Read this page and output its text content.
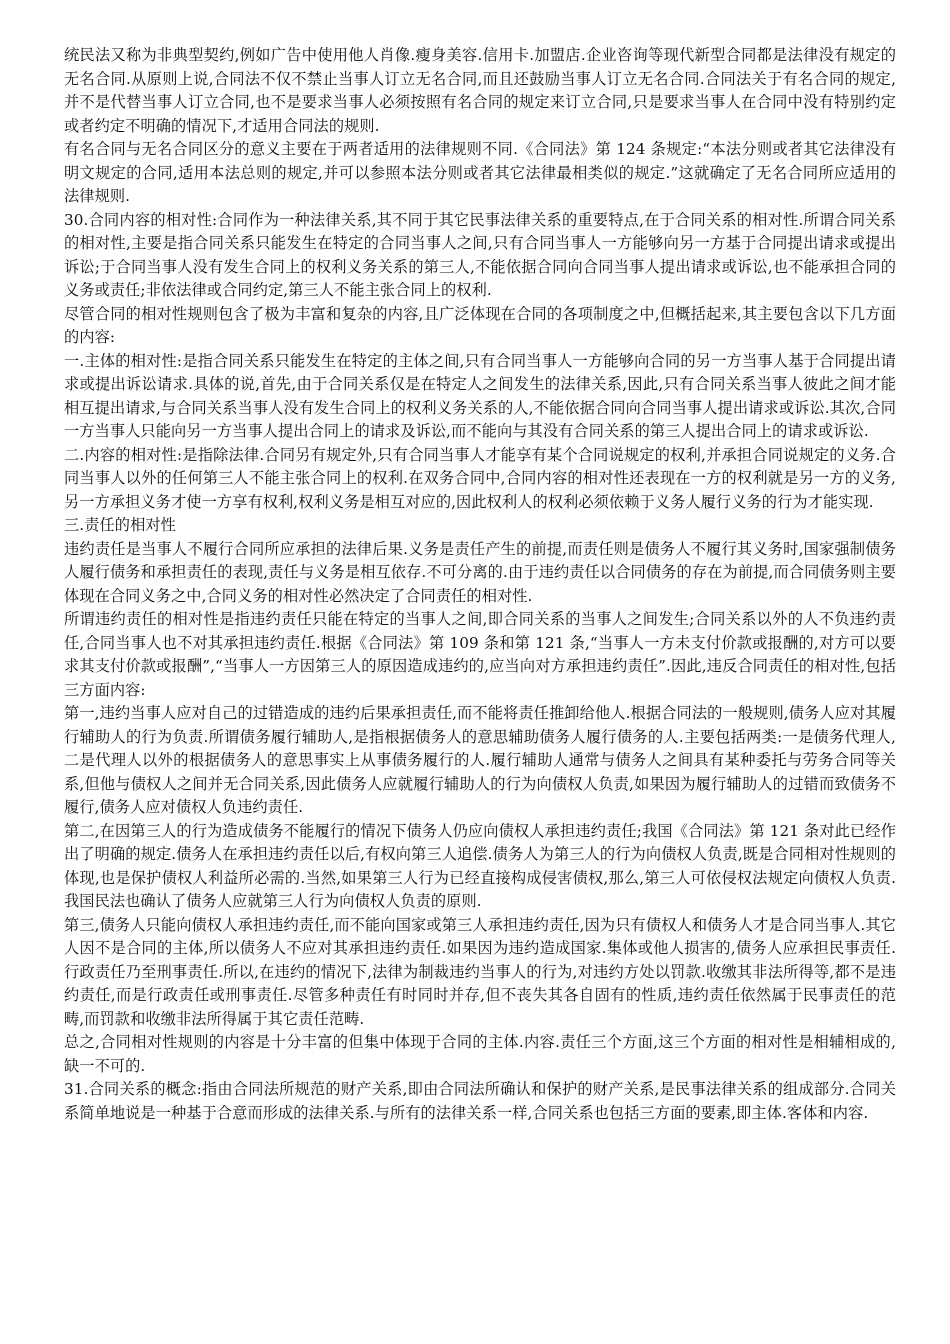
统民法又称为非典型契约,例如广告中使用他人肖像.瘦身美容.信用卡.加盟店.企业咨询等现代新型合同都是法律没有规定的无名合同.从原则上说,合同法不仅不禁止当事人订立无名合同,而且还鼓励当事人订立无名合同.合同法关于有名合同的规定,并不是代替当事人订立合同,也不是要求当事人必须按照有名合同的规定来订立合同,只是要求当事人在合同中没有特别约定或者约定不明确的情况下,才适用合同法的规则.

有名合同与无名合同区分的意义主要在于两者适用的法律规则不同.《合同法》第 124 条规定:“本法分则或者其它法律没有明文规定的合同,适用本法总则的规定,并可以参照本法分则或者其它法律最相类似的规定.”这就确定了无名合同所应适用的法律规则.

30.合同内容的相对性:合同作为一种法律关系,其不同于其它民事法律关系的重要特点,在于合同关系的相对性.所谓合同关系的相对性,主要是指合同关系只能发生在特定的合同当事人之间,只有合同当事人一方能够向另一方基于合同提出请求或提出诉讼;于合同当事人没有发生合同上的权利义务关系的第三人,不能依据合同向合同当事人提出请求或诉讼,也不能承担合同的义务或责任;非依法律或合同约定,第三人不能主张合同上的权利.

尽管合同的相对性规则包含了极为丰富和复杂的内容,且广泛体现在合同的各项制度之中,但概括起来,其主要包含以下几方面的内容:

一.主体的相对性:是指合同关系只能发生在特定的主体之间,只有合同当事人一方能够向合同的另一方当事人基于合同提出请求或提出诉讼请求.具体的说,首先,由于合同关系仅是在特定人之间发生的法律关系,因此,只有合同关系当事人彼此之间才能相互提出请求,与合同关系当事人没有发生合同上的权利义务关系的人,不能依据合同向合同当事人提出请求或诉讼.其次,合同一方当事人只能向另一方当事人提出合同上的请求及诉讼,而不能向与其没有合同关系的第三人提出合同上的请求或诉讼.

二.内容的相对性:是指除法律.合同另有规定外,只有合同当事人才能享有某个合同说规定的权利,并承担合同说规定的义务.合同当事人以外的任何第三人不能主张合同上的权利.在双务合同中,合同内容的相对性还表现在一方的权利就是另一方的义务,另一方承担义务才使一方享有权利,权利义务是相互对应的,因此权利人的权利必须依赖于义务人履行义务的行为才能实现.

三.责任的相对性

违约责任是当事人不履行合同所应承担的法律后果.义务是责任产生的前提,而责任则是债务人不履行其义务时,国家强制债务人履行债务和承担责任的表现,责任与义务是相互依存.不可分离的.由于违约责任以合同债务的存在为前提,而合同债务则主要体现在合同义务之中,合同义务的相对性必然决定了合同责任的相对性.

所谓违约责任的相对性是指违约责任只能在特定的当事人之间,即合同关系的当事人之间发生;合同关系以外的人不负违约责任,合同当事人也不对其承担违约责任.根据《合同法》第 109 条和第 121 条,“当事人一方未支付价款或报酬的,对方可以要求其支付价款或报酬”,“当事人一方因第三人的原因造成违约的,应当向对方承担违约责任”.因此,违反合同责任的相对性,包括三方面内容:

第一,违约当事人应对自己的过错造成的违约后果承担责任,而不能将责任推卸给他人.根据合同法的一般规则,债务人应对其履行辅助人的行为负责.所谓债务履行辅助人,是指根据债务人的意思辅助债务人履行债务的人.主要包括两类:一是债务代理人,二是代理人以外的根据债务人的意思事实上从事债务履行的人.履行辅助人通常与债务人之间具有某种委托与劳务合同等关系,但他与债权人之间并无合同关系,因此债务人应就履行辅助人的行为向债权人负责,如果因为履行辅助人的过错而致债务不履行,债务人应对债权人负违约责任.

第二,在因第三人的行为造成债务不能履行的情况下债务人仍应向债权人承担违约责任;我国《合同法》第 121 条对此已经作出了明确的规定.债务人在承担违约责任以后,有权向第三人追偿.债务人为第三人的行为向债权人负责,既是合同相对性规则的体现,也是保护债权人利益所必需的.当然,如果第三人行为已经直接构成侵害债权,那么,第三人可依侵权法规定向债权人负责.我国民法也确认了债务人应就第三人行为向债权人负责的原则.

第三,债务人只能向债权人承担违约责任,而不能向国家或第三人承担违约责任,因为只有债权人和债务人才是合同当事人.其它人因不是合同的主体,所以债务人不应对其承担违约责任.如果因为违约造成国家.集体或他人损害的,债务人应承担民事责任.行政责任乃至刑事责任.所以,在违约的情况下,法律为制裁违约当事人的行为,对违约方处以罚款.收缴其非法所得等,都不是违约责任,而是行政责任或刑事责任.尽管多种责任有时同时并存,但不丧失其各自固有的性质,违约责任依然属于民事责任的范畴,而罚款和收缴非法所得属于其它责任范畴.

总之,合同相对性规则的内容是十分丰富的但集中体现于合同的主体.内容.责任三个方面,这三个方面的相对性是相辅相成的,缺一不可的.

31.合同关系的概念:指由合同法所规范的财产关系,即由合同法所确认和保护的财产关系,是民事法律关系的组成部分.合同关系简单地说是一种基于合意而形成的法律关系.与所有的法律关系一样,合同关系也包括三方面的要素,即主体.客体和内容.
